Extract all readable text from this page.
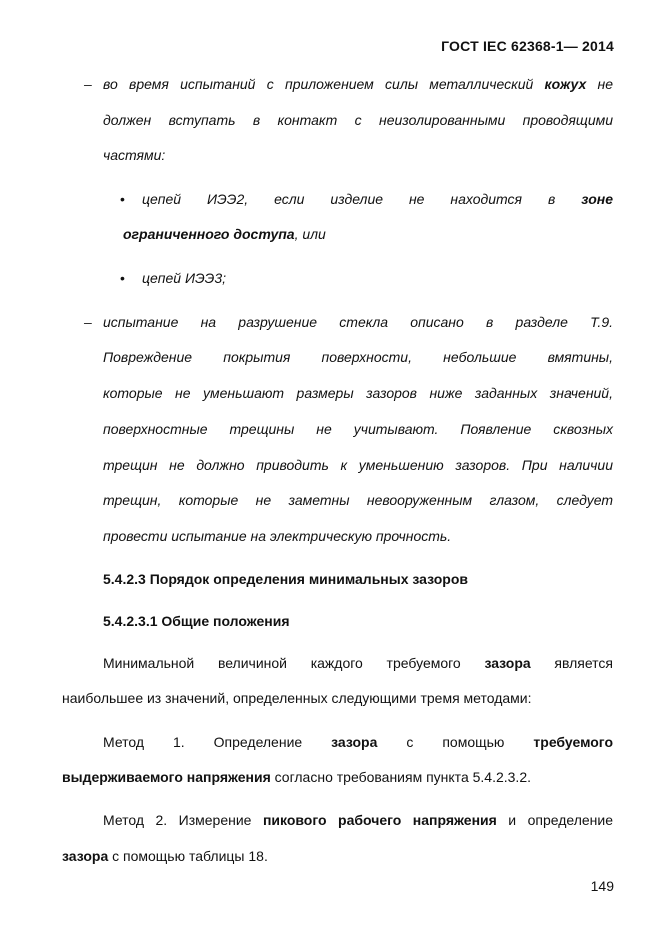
ГОСТ IEC 62368-1— 2014
– во время испытаний с приложением силы металлический кожух не
должен вступать в контакт с неизолированными проводящими
частями:
• цепей ИЭЭ2, если изделие не находится в зоне
ограниченного доступа, или
• цепей ИЭЭ3;
– испытание на разрушение стекла описано в разделе Т.9.
Повреждение покрытия поверхности, небольшие вмятины,
которые не уменьшают размеры зазоров ниже заданных значений,
поверхностные трещины не учитывают. Появление сквозных
трещин не должно приводить к уменьшению зазоров. При наличии
трещин, которые не заметны невооруженным глазом, следует
провести испытание на электрическую прочность.
5.4.2.3 Порядок определения минимальных зазоров
5.4.2.3.1 Общие положения
Минимальной величиной каждого требуемого зазора является
наибольшее из значений, определенных следующими тремя методами:
Метод 1. Определение зазора с помощью требуемого
выдерживаемого напряжения согласно требованиям пункта 5.4.2.3.2.
Метод 2. Измерение пикового рабочего напряжения и определение
зазора с помощью таблицы 18.
149
